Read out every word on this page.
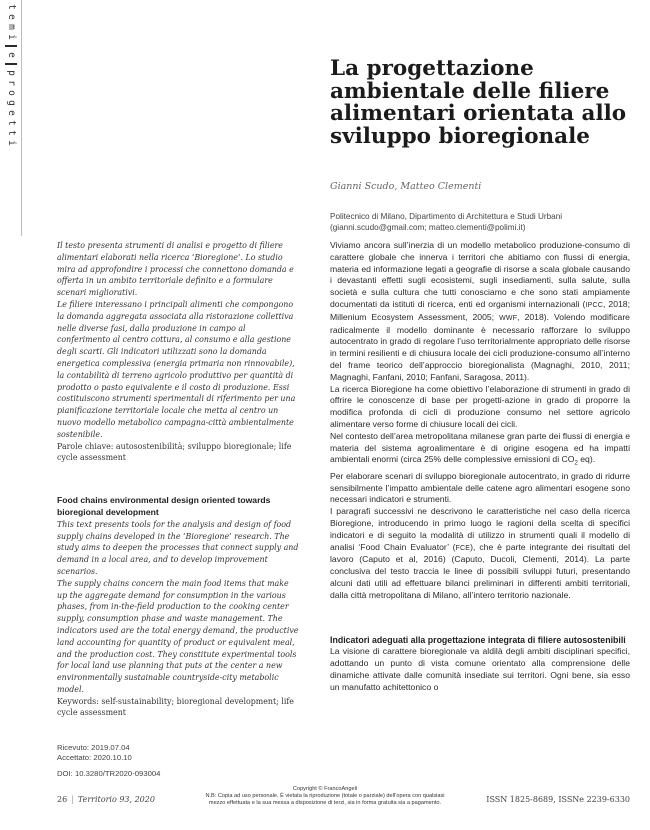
t
e
m
i
e
p
r
o
g
e
t
t
i
La progettazione ambientale delle filiere alimentari orientata allo sviluppo bioregionale
Gianni Scudo, Matteo Clementi
Politecnico di Milano, Dipartimento di Architettura e Studi Urbani
(gianni.scudo@gmail.com; matteo.clementi@polimi.it)

Il testo presenta strumenti di analisi e progetto di filiere alimentari elaborati nella ricerca ‘Bioregione’. Lo studio mira ad approfondire i processi che connettono domanda e offerta in un ambito territoriale definito e a formulare scenari migliorativi.

Le filiere interessano i principali alimenti che compongono la domanda aggregata associata alla ristorazione collettiva nelle diverse fasi, dalla produzione in campo al conferimento al centro cottura, al consumo e alla gestione degli scarti. Gli indicatori utilizzati sono la domanda energetica complessiva (energia primaria non rinnovabile), la contabilità di terreno agricolo produttivo per quantità di prodotto o pasto equivalente e il costo di produzione. Essi costituiscono strumenti sperimentali di riferimento per una pianificazione territoriale locale che metta al centro un nuovo modello metabolico campagna-città ambientalmente sostenibile.

Parole chiave: autosostenibilità; sviluppo bioregionale; life cycle assessment

Food chains environmental design oriented towards bioregional development

This text presents tools for the analysis and design of food supply chains developed in the ‘Bioregione’ research. The study aims to deepen the processes that connect supply and demand in a local area, and to develop improvement scenarios.

The supply chains concern the main food items that make up the aggregate demand for consumption in the various phases, from in-the-field production to the cooking center supply, consumption phase and waste management. The indicators used are the total energy demand, the productive land accounting for quantity of product or equivalent meal, and the production cost. They constitute experimental tools for local land use planning that puts at the center a new environmentally sustainable countryside-city metabolic model.

Keywords: self-sustainability; bioregional development; life cycle assessment

Ricevuto: 2019.07.04
Accettato: 2020.10.10
DOI: 10.3280/TR2020-093004

Viviamo ancora sull’inerzia di un modello metabolico produzione-consumo di carattere globale che innerva i territori che abitiamo con flussi di energia, materia ed informazione legati a geografie di risorse a scala globale causando i devastanti effetti sugli ecosistemi, sugli insediamenti, sulla salute, sulla società e sulla cultura che tutti conosciamo e che sono stati ampiamente documentati da istituti di ricerca, enti ed organismi internazionali (IPCC, 2018; Millenium Ecosystem Assessment, 2005; WWF, 2018). Volendo modificare radicalmente il modello dominante è necessario rafforzare lo sviluppo autocentrato in grado di regolare l’uso territorialmente appropriato delle risorse in termini resilienti e di chiusura locale dei cicli produzione-consumo all’interno del frame teorico dell’approccio bioregionalista (Magnaghi, 2010, 2011; Magnaghi, Fanfani, 2010; Fanfani, Saragosa, 2011).

La ricerca Bioregione ha come obiettivo l’elaborazione di strumenti in grado di offrire le conoscenze di base per progetti-azione in grado di proporre la modifica profonda di cicli di produzione consumo nel settore agricolo alimentare verso forme di chiusure locali dei cicli.

Nel contesto dell’area metropolitana milanese gran parte dei flussi di energia e materia del sistema agroalimentare è di origine esogena ed ha impatti ambientali enormi (circa 25% delle complessive emissioni di $CO_2$ eq).

Per elaborare scenari di sviluppo bioregionale autocentrato, in grado di ridurre sensibilmente l’impatto ambientale delle catene agro alimentari esogene sono necessari indicatori e strumenti.

I paragrafi successivi ne descrivono le caratteristiche nel caso della ricerca Bioregione, introducendo in primo luogo le ragioni della scelta di specifici indicatori e di seguito la modalità di utilizzo in strumenti quali il modello di analisi ‘Food Chain Evaluator’ (FCE), che è parte integrante dei risultati del lavoro (Caputo et al, 2016) (Caputo, Ducoli, Clementi, 2014). La parte conclusiva del testo traccia le linee di possibili sviluppi futuri, presentando alcuni dati utili ad effettuare bilanci preliminari in differenti ambiti territoriali, dalla città metropolitana di Milano, all’intero territorio nazionale.

Indicatori adeguati alla progettazione integrata di filiere autosostenibili

La visione di carattere bioregionale va aldilà degli ambiti disciplinari specifici, adottando un punto di vista comune orientato alla comprensione delle dinamiche attivate dalle comunità insediate sui territori. Ogni bene, sia esso un manufatto achitettonico o

26 | Territorio 93, 2020
Copyright © FrancoAngeli
N.B: Copia ad uso personale. È vietata la riproduzione (totale o parziale) dell’opera con qualsiasi
mezzo effettuata e la sua messa a disposizione di terzi, sia in forma gratuita sia a pagamento.	ISSN 1825-8689, ISSNe 2239-6330
